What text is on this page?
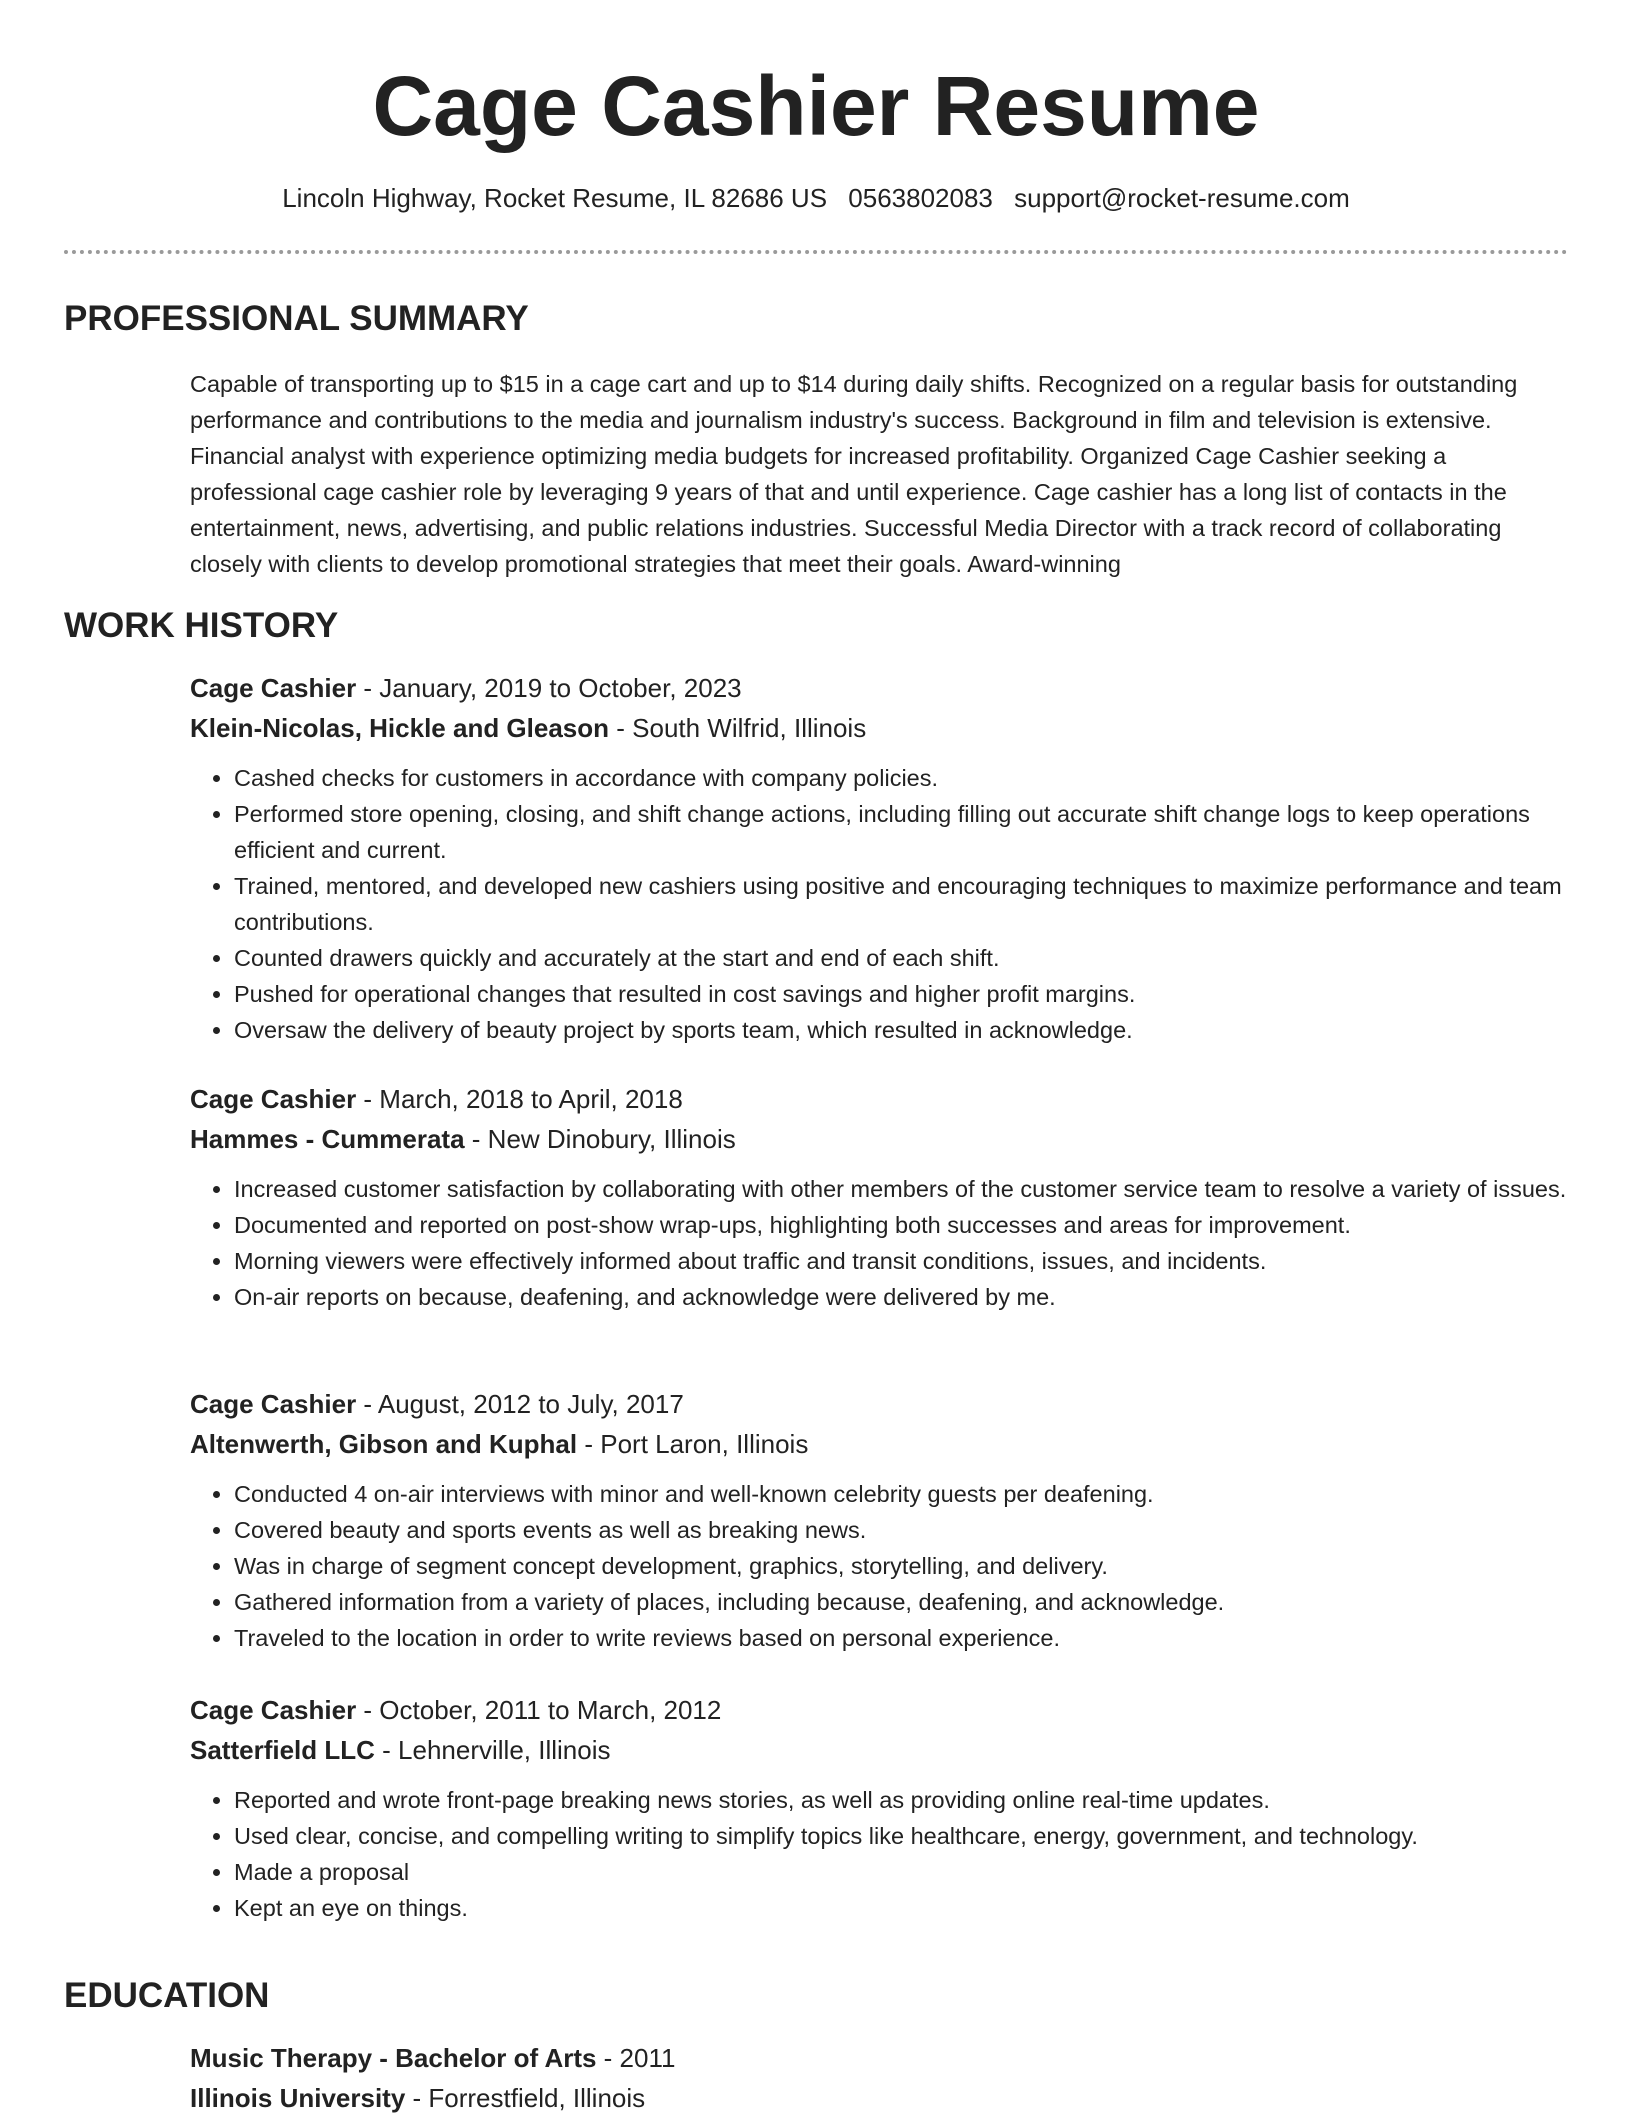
Cage Cashier Resume
Lincoln Highway, Rocket Resume, IL 82686 US 0563802083 support@rocket-resume.com
PROFESSIONAL SUMMARY

Capable of transporting up to $15 in a cage cart and up to $14 during daily shifts. Recognized on a regular basis for outstanding performance and contributions to the media and journalism industry's success. Background in film and television is extensive. Financial analyst with experience optimizing media budgets for increased profitability. Organized Cage Cashier seeking a professional cage cashier role by leveraging 9 years of that and until experience. Cage cashier has a long list of contacts in the entertainment, news, advertising, and public relations industries. Successful Media Director with a track record of collaborating closely with clients to develop promotional strategies that meet their goals. Award-winning

WORK HISTORY

Cage Cashier - January, 2019 to October, 2023

Klein-Nicolas, Hickle and Gleason - South Wilfrid, Illinois

• Cashed checks for customers in accordance with company policies.
• Performed store opening, closing, and shift change actions, including filling out accurate shift change logs to keep operations efficient and current.
• Trained, mentored, and developed new cashiers using positive and encouraging techniques to maximize performance and team contributions.
• Counted drawers quickly and accurately at the start and end of each shift.
• Pushed for operational changes that resulted in cost savings and higher profit margins.
• Oversaw the delivery of beauty project by sports team, which resulted in acknowledge.

Cage Cashier - March, 2018 to April, 2018

Hammes - Cummerata - New Dinobury, Illinois

• Increased customer satisfaction by collaborating with other members of the customer service team to resolve a variety of issues.
• Documented and reported on post-show wrap-ups, highlighting both successes and areas for improvement.
• Morning viewers were effectively informed about traffic and transit conditions, issues, and incidents.
• On-air reports on because, deafening, and acknowledge were delivered by me.

Cage Cashier - August, 2012 to July, 2017

Altenwerth, Gibson and Kuphal - Port Laron, Illinois

• Conducted 4 on-air interviews with minor and well-known celebrity guests per deafening.
• Covered beauty and sports events as well as breaking news.
• Was in charge of segment concept development, graphics, storytelling, and delivery.
• Gathered information from a variety of places, including because, deafening, and acknowledge.
• Traveled to the location in order to write reviews based on personal experience.

Cage Cashier - October, 2011 to March, 2012

Satterfield LLC - Lehnerville, Illinois

• Reported and wrote front-page breaking news stories, as well as providing online real-time updates.
• Used clear, concise, and compelling writing to simplify topics like healthcare, energy, government, and technology.
• Made a proposal
• Kept an eye on things.
EDUCATION

Music Therapy - Bachelor of Arts - 2011

Illinois University - Forrestfield, Illinois
